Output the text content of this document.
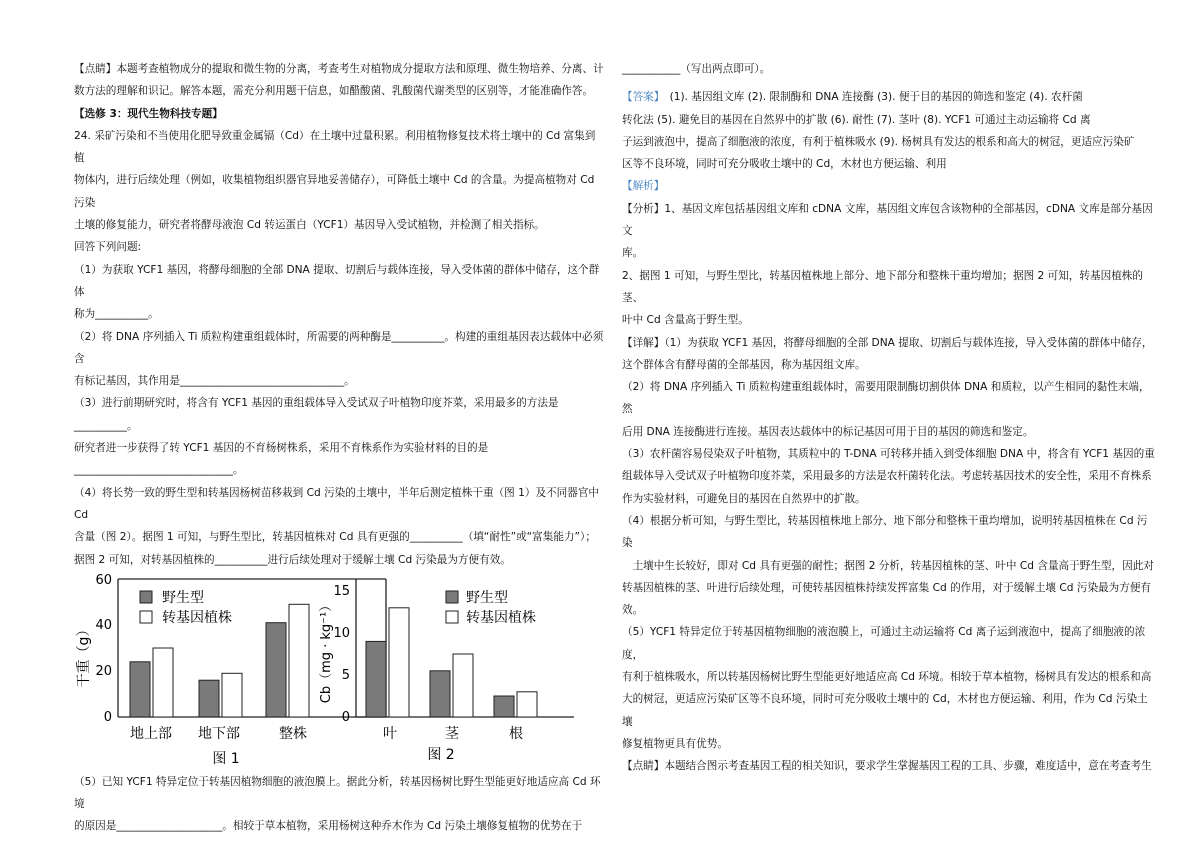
【点睛】本题考查植物成分的提取和微生物的分离，考查考生对植物成分提取方法和原理、微生物培养、分离、计

数方法的理解和识记。解答本题，需充分利用题干信息，如醋酸菌、乳酸菌代谢类型的区别等，才能准确作答。

【选修 3：现代生物科技专题】

24. 采矿污染和不当使用化肥导致重金属镉（Cd）在土壤中过量积累。利用植物修复技术将土壤中的 Cd 富集到植

物体内，进行后续处理（例如，收集植物组织器官异地妥善储存），可降低土壤中 Cd 的含量。为提高植物对 Cd 污染

土壤的修复能力，研究者将酵母液泡 Cd 转运蛋白（YCF1）基因导入受试植物，并检测了相关指标。

回答下列问题:

（1）为获取 YCF1 基因，将酵母细胞的全部 DNA 提取、切割后与载体连接，导入受体菌的群体中储存，这个群体

称为__________。

（2）将 DNA 序列插入 Ti 质粒构建重组载体时，所需要的两种酶是__________。构建的重组基因表达载体中必须含

有标记基因，其作用是_______________________________。

（3）进行前期研究时，将含有 YCF1 基因的重组载体导入受试双子叶植物印度芥菜，采用最多的方法是__________。

研究者进一步获得了转 YCF1 基因的不育杨树株系，采用不育株系作为实验材料的目的是

______________________________。

（4）将长势一致的野生型和转基因杨树苗移栽到 Cd 污染的土壤中，半年后测定植株干重（图 1）及不同器官中 Cd

含量（图 2）。据图 1 可知，与野生型比，转基因植株对 Cd 具有更强的__________（填“耐性”或“富集能力”）；

据图 2 可知，对转基因植株的__________进行后续处理对于缓解土壤 Cd 污染最为方便有效。

干重（g）
0
20
40
60
地上部 地下部	整株
图 1
野生型
转基因植株	Cb（mg · kg⁻¹）
0
5
10
15
叶	茎	根
图 2
野生型
转基因植株

（5）已知 YCF1 特异定位于转基因植物细胞的液泡膜上。据此分析，转基因杨树比野生型能更好地适应高 Cd 环境

的原因是____________________。相较于草本植物，采用杨树这种乔木作为 Cd 污染土壤修复植物的优势在于

___________（写出两点即可）。

【答案】　 (1). 基因组文库 (2). 限制酶和 DNA 连接酶 (3). 便于目的基因的筛选和鉴定 (4). 农杆菌

转化法 (5). 避免目的基因在自然界中的扩散 (6). 耐性 (7). 茎叶 (8). YCF1 可通过主动运输将 Cd 离

子运到液泡中，提高了细胞液的浓度，有利于植株吸水 (9). 杨树具有发达的根系和高大的树冠，更适应污染矿

区等不良环境，同时可充分吸收土壤中的 Cd，木材也方便运输、利用

【解析】

【分析】1、基因文库包括基因组文库和 cDNA 文库，基因组文库包含该物种的全部基因，cDNA 文库是部分基因文

库。

2、据图 1 可知，与野生型比，转基因植株地上部分、地下部分和整株干重均增加；据图 2 可知，转基因植株的茎、

叶中 Cd 含量高于野生型。

【详解】（1）为获取 YCF1 基因，将酵母细胞的全部 DNA 提取、切割后与载体连接，导入受体菌的群体中储存，

这个群体含有酵母菌的全部基因，称为基因组文库。

（2）将 DNA 序列插入 Ti 质粒构建重组载体时，需要用限制酶切割供体 DNA 和质粒，以产生相同的黏性末端，然

后用 DNA 连接酶进行连接。基因表达载体中的标记基因可用于目的基因的筛选和鉴定。

（3）农杆菌容易侵染双子叶植物，其质粒中的 T-DNA 可转移并插入到受体细胞 DNA 中，将含有 YCF1 基因的重

组载体导入受试双子叶植物印度芥菜，采用最多的方法是农杆菌转化法。考虑转基因技术的安全性，采用不育株系

作为实验材料，可避免目的基因在自然界中的扩散。

（4）根据分析可知，与野生型比，转基因植株地上部分、地下部分和整株干重均增加，说明转基因植株在 Cd 污染

　土壤中生长较好，即对 Cd 具有更强的耐性；据图 2 分析，转基因植株的茎、叶中 Cd 含量高于野生型，因此对

转基因植株的茎、叶进行后续处理，可使转基因植株持续发挥富集 Cd 的作用，对于缓解土壤 Cd 污染最为方便有效。

（5）YCF1 特异定位于转基因植物细胞的液泡膜上，可通过主动运输将 Cd 离子运到液泡中，提高了细胞液的浓度，

有利于植株吸水，所以转基因杨树比野生型能更好地适应高 Cd 环境。相较于草本植物，杨树具有发达的根系和高

大的树冠，更适应污染矿区等不良环境，同时可充分吸收土壤中的 Cd，木材也方便运输、利用，作为 Cd 污染土壤

修复植物更具有优势。

【点睛】本题结合图示考查基因工程的相关知识，要求学生掌握基因工程的工具、步骤，难度适中，意在考查考生
